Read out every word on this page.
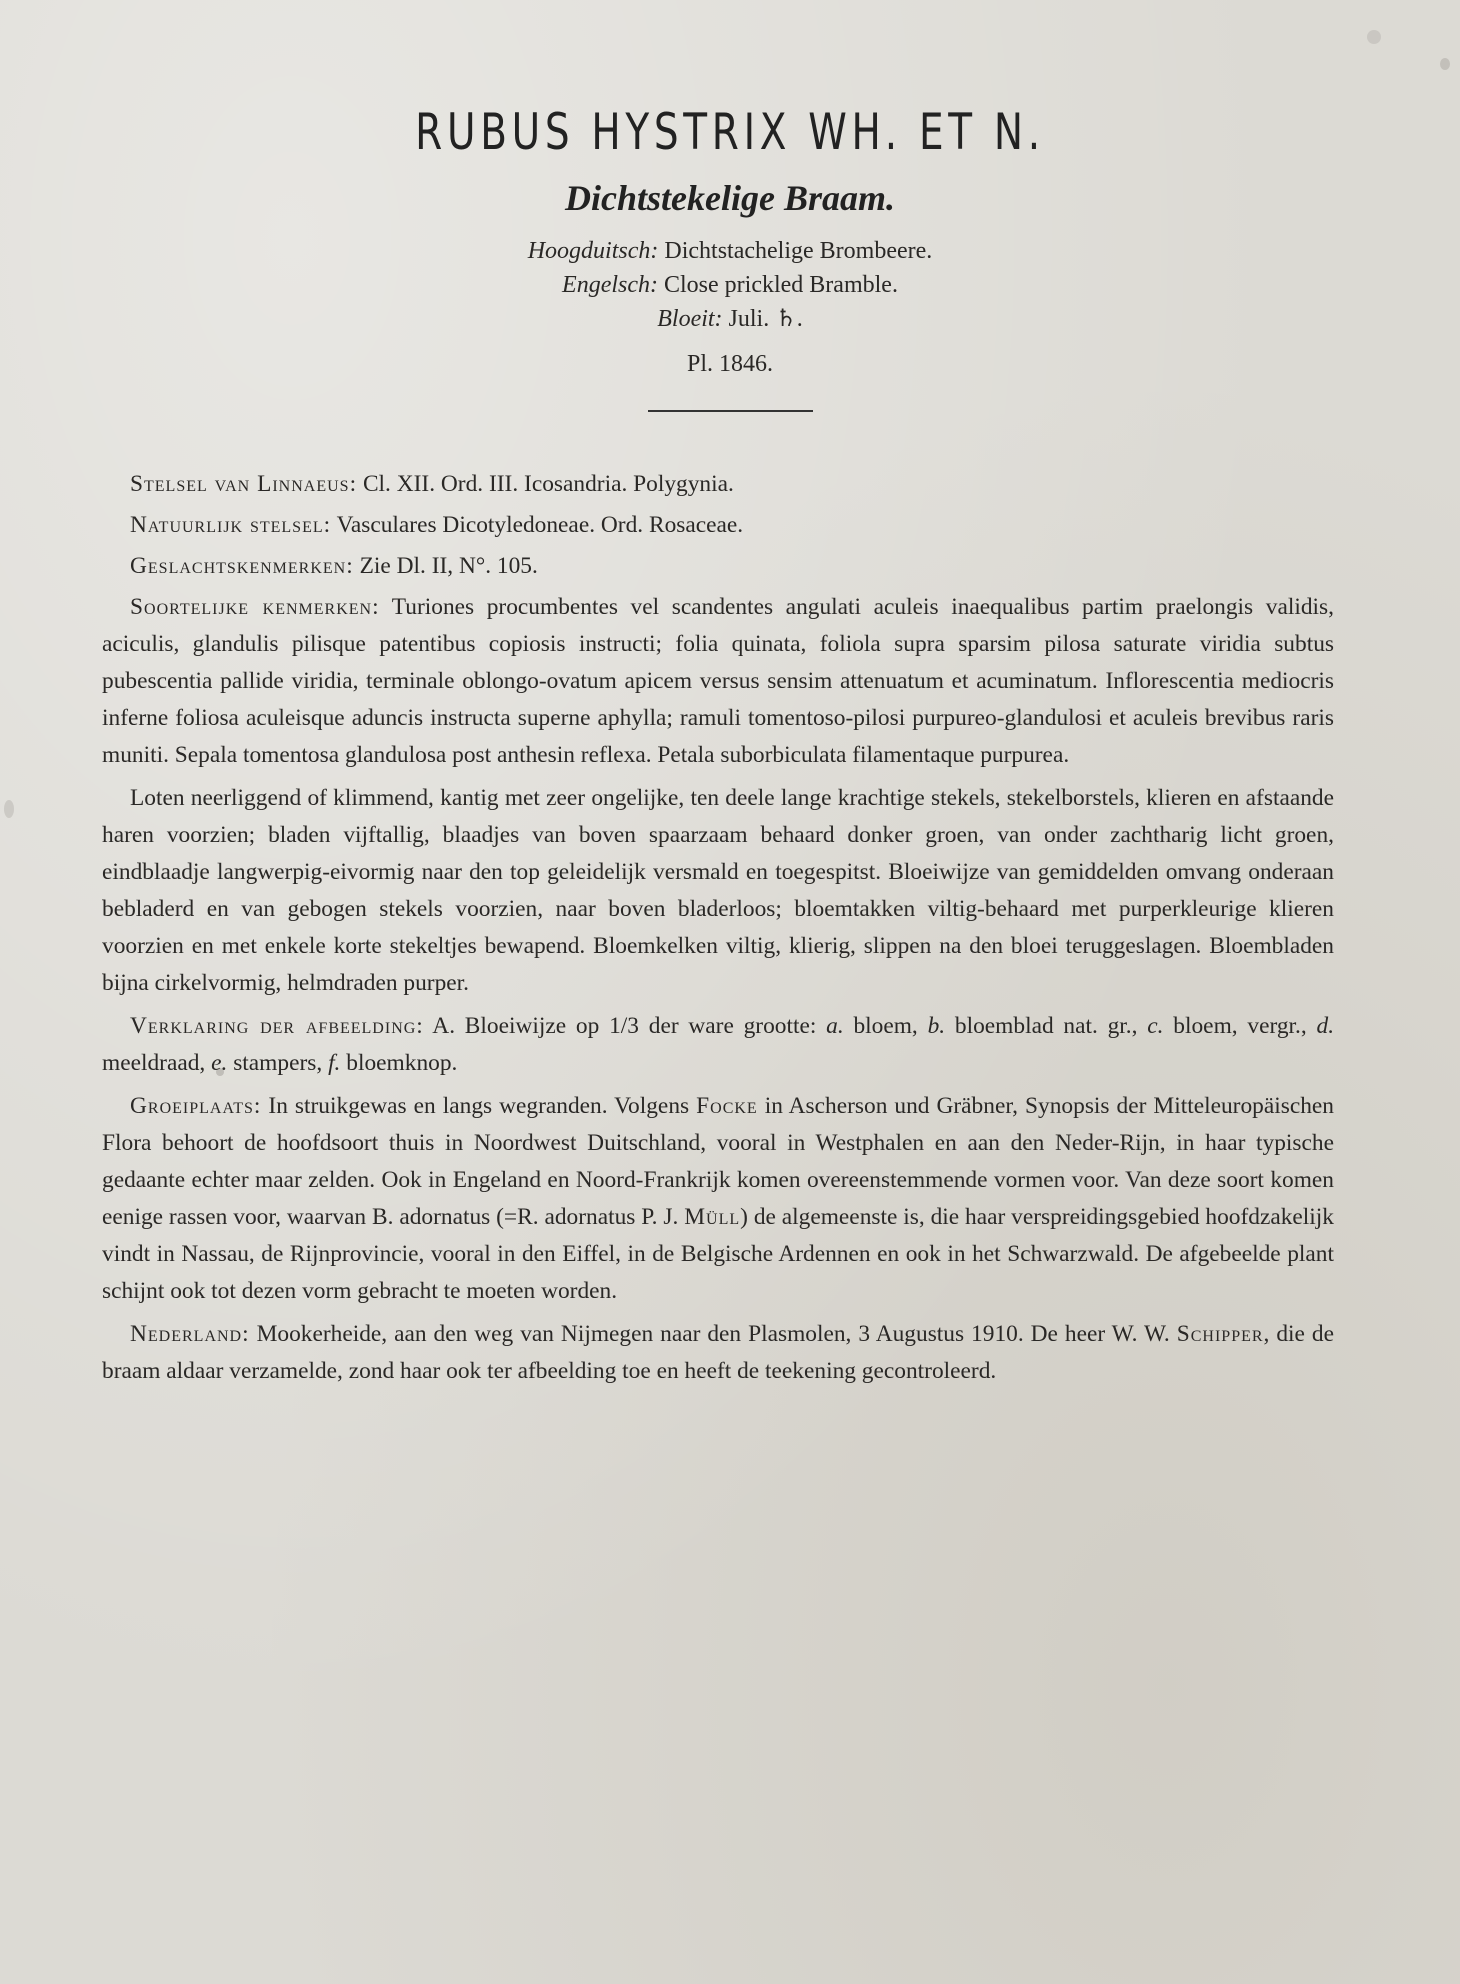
RUBUS HYSTRIX WH. ET N.
Dichtstekelige Braam.

Hoogduitsch: Dichtstachelige Brombeere.

Engelsch: Close prickled Bramble.

Bloeit: Juli. ♄.

Pl. 1846.

Stelsel van Linnaeus: Cl. XII. Ord. III. Icosandria. Polygynia.

Natuurlijk stelsel: Vasculares Dicotyledoneae. Ord. Rosaceae.

Geslachtskenmerken: Zie Dl. II, N°. 105.

Soortelijke kenmerken: Turiones procumbentes vel scandentes angulati aculeis inaequalibus partim praelongis validis, aciculis, glandulis pilisque patentibus copiosis instructi; folia quinata, foliola supra sparsim pilosa saturate viridia subtus pubescentia pallide viridia, terminale oblongo-ovatum apicem versus sensim attenuatum et acuminatum. Inflorescentia mediocris inferne foliosa aculeisque aduncis instructa superne aphylla; ramuli tomentoso-pilosi purpureo-glandulosi et aculeis brevibus raris muniti. Sepala tomentosa glandulosa post anthesin reflexa. Petala suborbiculata filamentaque purpurea.

Loten neerliggend of klimmend, kantig met zeer ongelijke, ten deele lange krachtige stekels, stekelborstels, klieren en afstaande haren voorzien; bladen vijftallig, blaadjes van boven spaarzaam behaard donker groen, van onder zachtharig licht groen, eindblaadje langwerpig-eivormig naar den top geleidelijk versmald en toegespitst. Bloeiwijze van gemiddelden omvang onderaan bebladerd en van gebogen stekels voorzien, naar boven bladerloos; bloemtakken viltig-behaard met purperkleurige klieren voorzien en met enkele korte stekeltjes bewapend. Bloemkelken viltig, klierig, slippen na den bloei teruggeslagen. Bloembladen bijna cirkelvormig, helmdraden purper.

Verklaring der afbeelding: A. Bloeiwijze op 1/3 der ware grootte: a. bloem, b. bloemblad nat. gr., c. bloem, vergr., d. meeldraad, e. stampers, f. bloemknop.

Groeiplaats: In struikgewas en langs wegranden. Volgens Focke in Ascherson und Gräbner, Synopsis der Mitteleuropäischen Flora behoort de hoofdsoort thuis in Noordwest Duitschland, vooral in Westphalen en aan den Neder-Rijn, in haar typische gedaante echter maar zelden. Ook in Engeland en Noord-Frankrijk komen overeenstemmende vormen voor. Van deze soort komen eenige rassen voor, waarvan B. adornatus (=R. adornatus P. J. Müll) de algemeenste is, die haar verspreidingsgebied hoofdzakelijk vindt in Nassau, de Rijnprovincie, vooral in den Eiffel, in de Belgische Ardennen en ook in het Schwarzwald. De afgebeelde plant schijnt ook tot dezen vorm gebracht te moeten worden.

Nederland: Mookerheide, aan den weg van Nijmegen naar den Plasmolen, 3 Augustus 1910. De heer W. W. Schipper, die de braam aldaar verzamelde, zond haar ook ter afbeelding toe en heeft de teekening gecontroleerd.
